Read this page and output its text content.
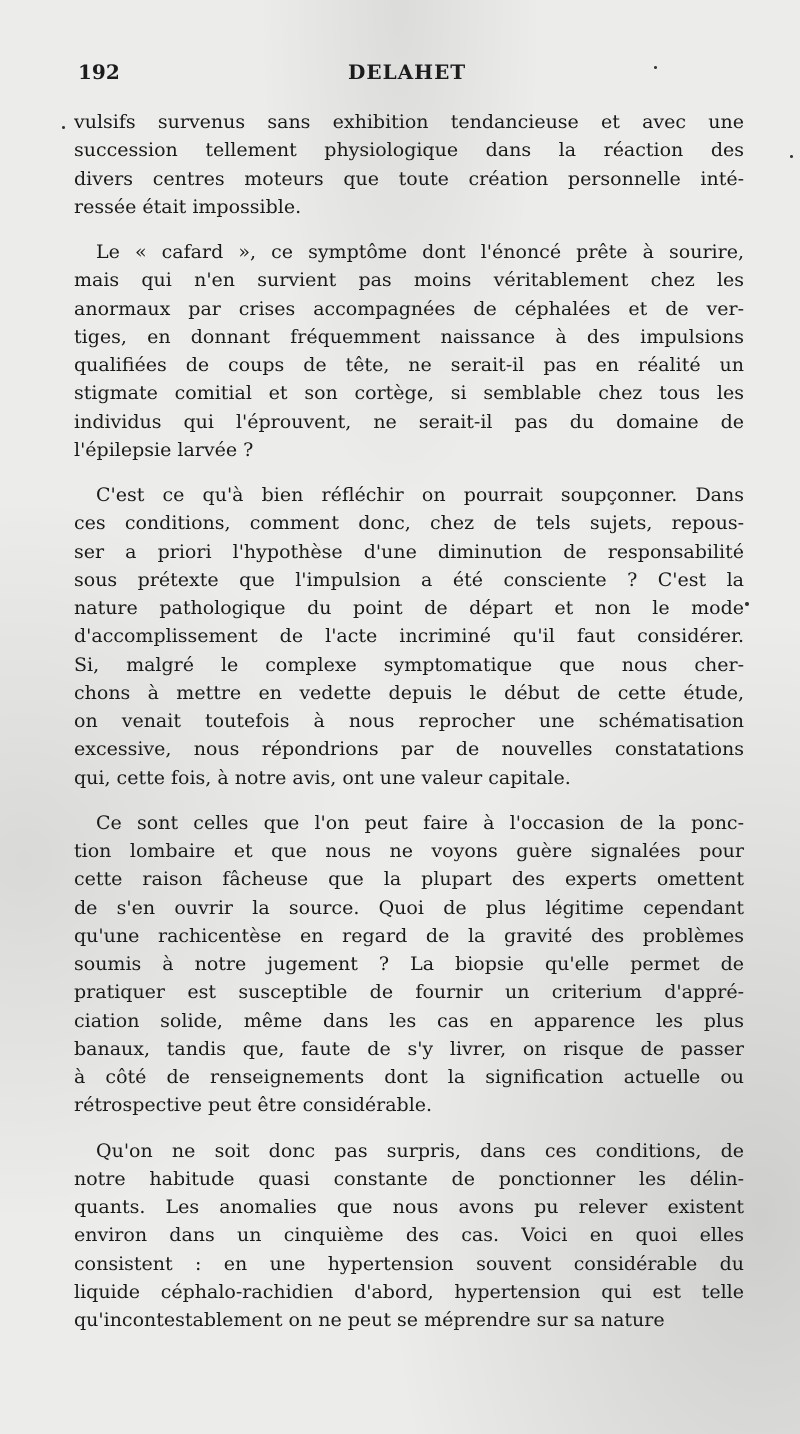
192	DELAHET
vulsifs survenus sans exhibition tendancieuse et avec une
succession tellement physiologique dans la réaction des
divers centres moteurs que toute création personnelle inté-
ressée était impossible.
Le « cafard », ce symptôme dont l'énoncé prête à sourire,
mais qui n'en survient pas moins véritablement chez les
anormaux par crises accompagnées de céphalées et de ver-
tiges, en donnant fréquemment naissance à des impulsions
qualifiées de coups de tête, ne serait-il pas en réalité un
stigmate comitial et son cortège, si semblable chez tous les
individus qui l'éprouvent, ne serait-il pas du domaine de
l'épilepsie larvée ?
C'est ce qu'à bien réfléchir on pourrait soupçonner. Dans
ces conditions, comment donc, chez de tels sujets, repous-
ser a priori l'hypothèse d'une diminution de responsabilité
sous prétexte que l'impulsion a été consciente ? C'est la
nature pathologique du point de départ et non le mode
d'accomplissement de l'acte incriminé qu'il faut considérer.
Si, malgré le complexe symptomatique que nous cher-
chons à mettre en vedette depuis le début de cette étude,
on venait toutefois à nous reprocher une schématisation
excessive, nous répondrions par de nouvelles constatations
qui, cette fois, à notre avis, ont une valeur capitale.
Ce sont celles que l'on peut faire à l'occasion de la ponc-
tion lombaire et que nous ne voyons guère signalées pour
cette raison fâcheuse que la plupart des experts omettent
de s'en ouvrir la source. Quoi de plus légitime cependant
qu'une rachicentèse en regard de la gravité des problèmes
soumis à notre jugement ? La biopsie qu'elle permet de
pratiquer est susceptible de fournir un criterium d'appré-
ciation solide, même dans les cas en apparence les plus
banaux, tandis que, faute de s'y livrer, on risque de passer
à côté de renseignements dont la signification actuelle ou
rétrospective peut être considérable.
Qu'on ne soit donc pas surpris, dans ces conditions, de
notre habitude quasi constante de ponctionner les délin-
quants. Les anomalies que nous avons pu relever existent
environ dans un cinquième des cas. Voici en quoi elles
consistent : en une hypertension souvent considérable du
liquide céphalo-rachidien d'abord, hypertension qui est telle
qu'incontestablement on ne peut se méprendre sur sa nature
